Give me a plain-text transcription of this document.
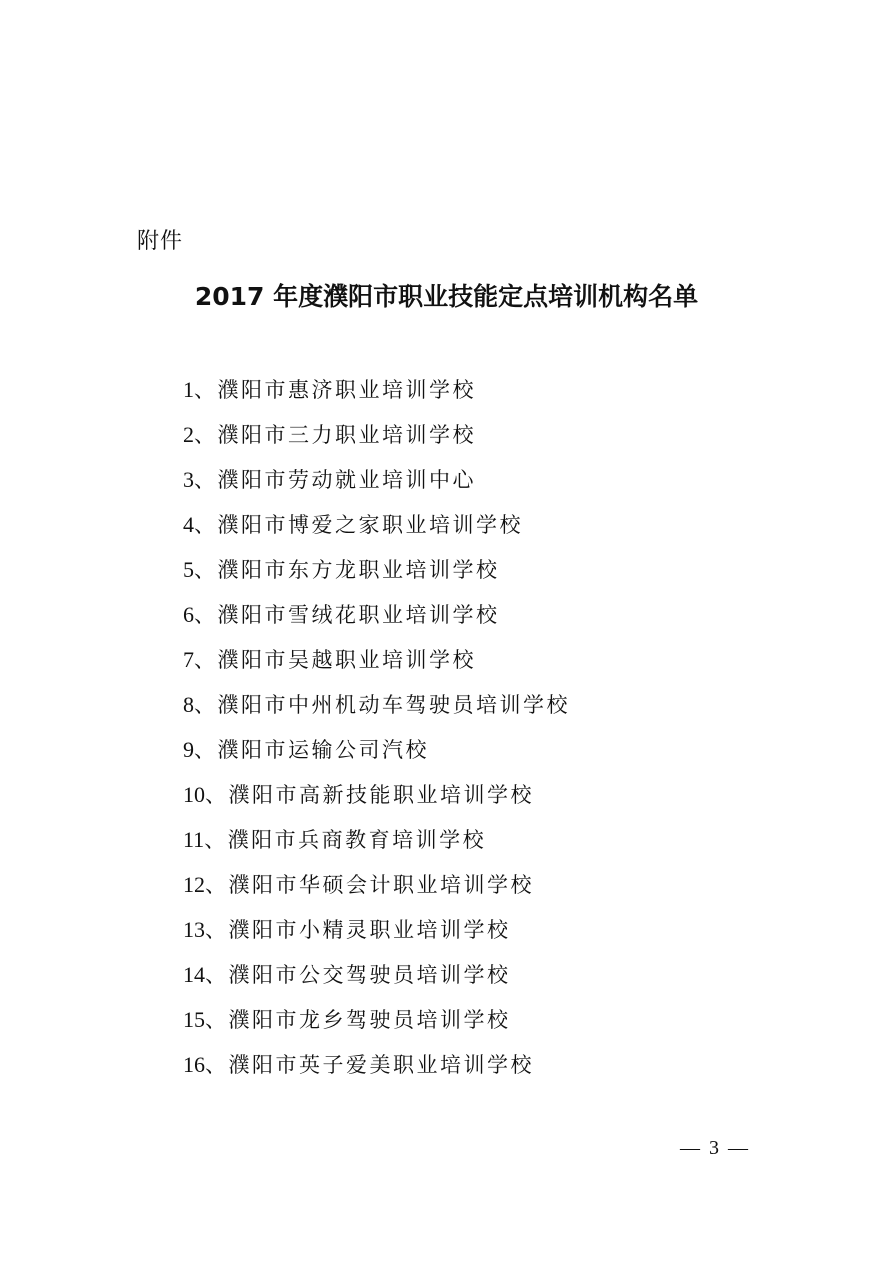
附件
2017 年度濮阳市职业技能定点培训机构名单
1、濮阳市惠济职业培训学校
2、濮阳市三力职业培训学校
3、濮阳市劳动就业培训中心
4、濮阳市博爱之家职业培训学校
5、濮阳市东方龙职业培训学校
6、濮阳市雪绒花职业培训学校
7、濮阳市吴越职业培训学校
8、濮阳市中州机动车驾驶员培训学校
9、濮阳市运输公司汽校
10、濮阳市高新技能职业培训学校
11、濮阳市兵商教育培训学校
12、濮阳市华硕会计职业培训学校
13、濮阳市小精灵职业培训学校
14、濮阳市公交驾驶员培训学校
15、濮阳市龙乡驾驶员培训学校
16、濮阳市英子爱美职业培训学校
— 3 —
